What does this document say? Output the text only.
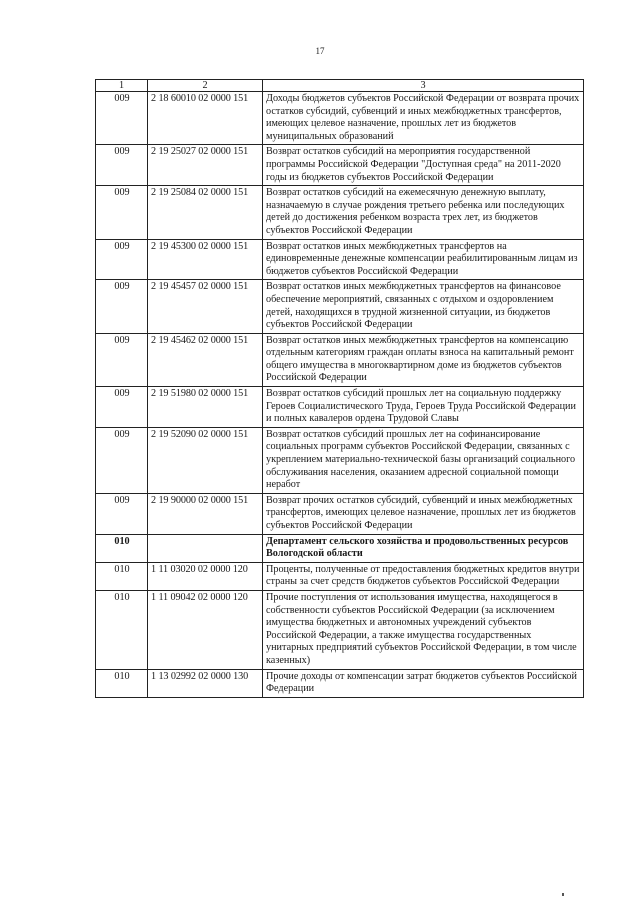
17
1	2	3
009	2 18 60010 02 0000 151	Доходы бюджетов субъектов Российской Федерации от возврата прочих остатков субсидий, субвенций и иных межбюджетных трансфертов, имеющих целевое назначение, прошлых лет из бюджетов муниципальных образований
009	2 19 25027 02 0000 151	Возврат остатков субсидий на мероприятия государственной программы Российской Федерации "Доступная среда" на 2011-2020 годы из бюджетов субъектов Российской Федерации
009	2 19 25084 02 0000 151	Возврат остатков субсидий на ежемесячную денежную выплату, назначаемую в случае рождения третьего ребенка или последующих детей до достижения ребенком возраста трех лет, из бюджетов субъектов Российской Федерации
009	2 19 45300 02 0000 151	Возврат остатков иных межбюджетных трансфертов на единовременные денежные компенсации реабилитированным лицам из бюджетов субъектов Российской Федерации
009	2 19 45457 02 0000 151	Возврат остатков иных межбюджетных трансфертов на финансовое обеспечение мероприятий, связанных с отдыхом и оздоровлением детей, находящихся в трудной жизненной ситуации, из бюджетов субъектов Российской Федерации
009	2 19 45462 02 0000 151	Возврат остатков иных межбюджетных трансфертов на компенсацию отдельным категориям граждан оплаты взноса на капитальный ремонт общего имущества в многоквартирном доме из бюджетов субъектов Российской Федерации
009	2 19 51980 02 0000 151	Возврат остатков субсидий прошлых лет на социальную поддержку Героев Социалистического Труда, Героев Труда Российской Федерации и полных кавалеров ордена Трудовой Славы
009	2 19 52090 02 0000 151	Возврат остатков субсидий прошлых лет на софинансирование социальных программ субъектов Российской Федерации, связанных с укреплением материально-технической базы организаций социального обслуживания населения, оказанием адресной социальной помощи неработ
009	2 19 90000 02 0000 151	Возврат прочих остатков субсидий, субвенций и иных межбюджетных трансфертов, имеющих целевое назначение, прошлых лет из бюджетов субъектов Российской Федерации
010		Департамент сельского хозяйства и продовольственных ресурсов Вологодской области
010	1 11 03020 02 0000 120	Проценты, полученные от предоставления бюджетных кредитов внутри страны за счет средств бюджетов субъектов Российской Федерации
010	1 11 09042 02 0000 120	Прочие поступления от использования имущества, находящегося в собственности субъектов Российской Федерации (за исключением имущества бюджетных и автономных учреждений субъектов Российской Федерации, а также имущества государственных унитарных предприятий субъектов Российской Федерации, в том числе казенных)
010	1 13 02992 02 0000 130	Прочие доходы от компенсации затрат бюджетов субъектов Российской Федерации
